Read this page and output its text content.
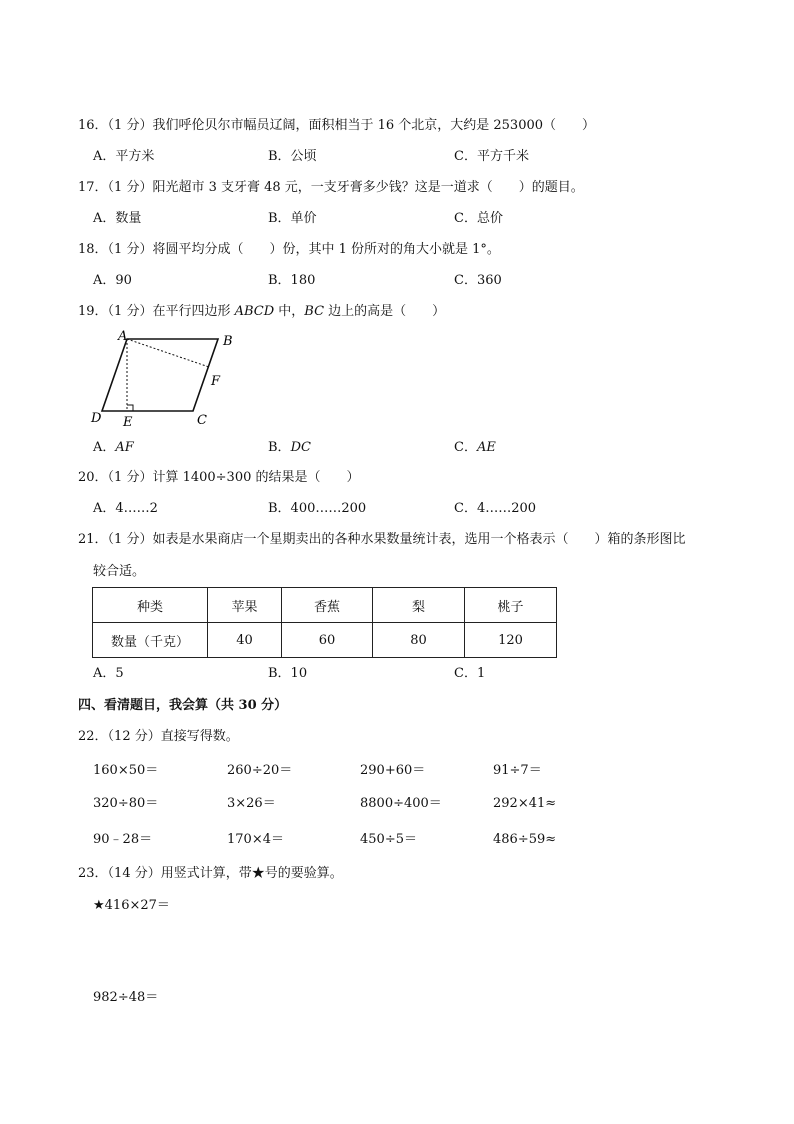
16．（1 分）我们呼伦贝尔市幅员辽阔，面积相当于 16 个北京，大约是 253000（　　）
A．平方米	B．公顷	C．平方千米
17．（1 分）阳光超市 3 支牙膏 48 元，一支牙膏多少钱？这是一道求（　　）的题目。
A．数量	B．单价	C．总价
18．（1 分）将圆平均分成（　　）份，其中 1 份所对的角大小就是 1°。
A．90	B．180	C．360
19．（1 分）在平行四边形 ABCD 中，BC 边上的高是（　　）
A	B
C
D E
F
A．AF	B．DC	C．AE
20．（1 分）计算 1400÷300 的结果是（　　）
A．4……2	B．400……200	C．4……200
21．（1 分）如表是水果商店一个星期卖出的各种水果数量统计表，选用一个格表示（　　）箱的条形图比
较合适。
种类	苹果	香蕉	梨	桃子
数量（千克）	40	60	80	120
A．5	B．10	C．1
四、看清题目，我会算（共 30 分）
22．（12 分）直接写得数。
160×50＝	260÷20＝	290+60＝	91÷7＝
320÷80＝	3×26＝	8800÷400＝	292×41≈
90﹣28＝	170×4＝	450÷5＝	486÷59≈
23．（14 分）用竖式计算，带★号的要验算。
★416×27＝
982÷48＝
